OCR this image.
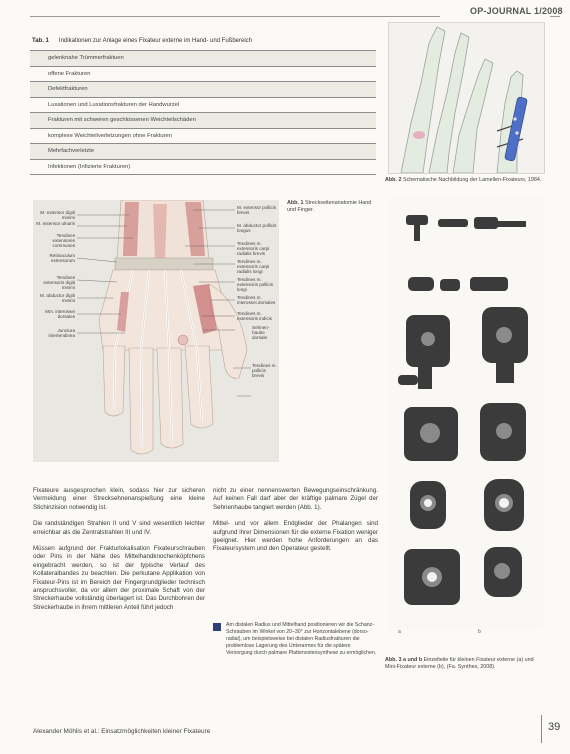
OP-JOURNAL 1/2008
Tab. 1 Indikationen zur Anlage eines Fixateur externe im Hand- und Fußbereich
gelenknahe Trümmerfraktuen
offene Frakturen
Defektfrakturen
Luxationen und Luxationsfrakturen der Handwurzel
Frakturen mit schweren geschlossenen Weichteilschäden
komplexe Weichteilverletzungen ohne Frakturen
Mehrfachverletzte
Infektionen (Infizierte Frakturen)
M. extensor digiti minimi
M. extensor ulnaris
Tendines extensores communes
Retinaculum extensorum
Tendines extensoris digiti minimi
M. abductor digiti minimi
Mm. interossei dorsales
Junctura intertendinea
M. extensor pollicis brevis
M. abductor pollicis longus
Tendines m. extensoris carpi radialis brevis
Tendines m. extensoris carpi radialis longi
Tendines m. extensoris pollicis longi
Tendines m. interossei dorsales
Tendines m. extensoris indicis
Sehnen-haube dorsale
Tendines m. pollicis brevis
Abb. 1 Streckseitenanatomie Hand und Finger.
Abb. 2 Schematische Nachbildung der Lamellen-Fixateurs, 1984.
a	b
Abb. 3 a und b Einzelteile für kleinen Fixateur externe (a) und Mini-Fixateur externe (b), (Fa. Synthes, 2008).

Fixateure ausgesprochen klein, sodass hier zur sicheren Vermeidung einer Strecksehnenanspießung eine kleine Stichinzision notwendig ist.

Die randständigen Strahlen II und V sind wesentlich leichter erreichbar als die Zentralstrahlen III und IV.

Müssen aufgrund der Frakturlokalisation Fixateurschrauben oder Pins in der Nähe des Mittelhandknochenköpfchens eingebracht werden, so ist der typische Verlauf des Kollateralbandes zu beachten. Die perkutane Applikation von Fixateur-Pins ist im Bereich der Fingergrundglieder technisch anspruchsvoller, da vor allem der proximale Schaft von der Streckerhaube vollständig überlagert ist. Das Durchbohren der Streckerhaube in ihrem mittleren Anteil führt jedoch

nicht zu einer nennenswerten Bewegungseinschränkung. Auf keinen Fall darf aber der kräftige palmare Zügel der Sehnenhaube tangiert werden (Abb. 1).

Mittel- und vor allem Endglieder der Phalangen sind aufgrund ihrer Dimensionen für die externe Fixation weniger geeignet. Hier werden hohe Anforderungen an das Fixateursystem und den Operateur gestellt.

Am distalen Radius und Mittelhand positionieren wir die Schanz-Schrauben im Winkel von 20–30° zur Horizontalebene (dorso-radial), um beispielsweise bei distalen Radiusfrakturen die problemlose Lagerung des Unterarmes für die spätere Versorgung durch palmare Plattenosteosynthese zu ermöglichen.
Alexander Möhlis et al.: Einsatzmöglichkeiten kleiner Fixateure	39
